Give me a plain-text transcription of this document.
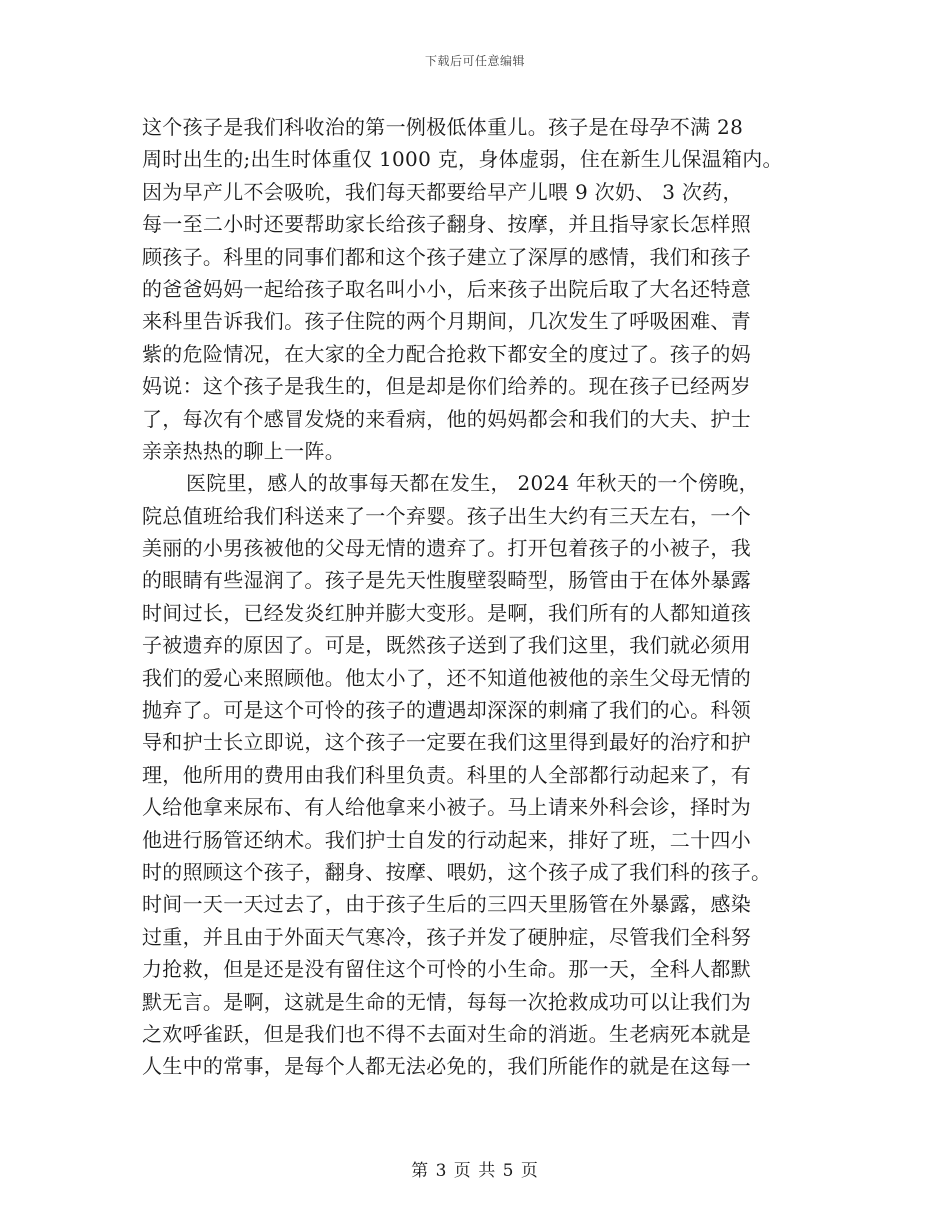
下载后可任意编辑
这个孩子是我们科收治的第一例极低体重儿。孩子是在母孕不满 28
周时出生的;出生时体重仅 1000 克，身体虚弱，住在新生儿保温箱内。
因为早产儿不会吸吮，我们每天都要给早产儿喂 9 次奶、 3 次药，
每一至二小时还要帮助家长给孩子翻身、按摩，并且指导家长怎样照
顾孩子。科里的同事们都和这个孩子建立了深厚的感情，我们和孩子
的爸爸妈妈一起给孩子取名叫小小，后来孩子出院后取了大名还特意
来科里告诉我们。孩子住院的两个月期间，几次发生了呼吸困难、青
紫的危险情况，在大家的全力配合抢救下都安全的度过了。孩子的妈
妈说：这个孩子是我生的，但是却是你们给养的。现在孩子已经两岁
了，每次有个感冒发烧的来看病，他的妈妈都会和我们的大夫、护士
亲亲热热的聊上一阵。
医院里，感人的故事每天都在发生， 2024 年秋天的一个傍晚，
院总值班给我们科送来了一个弃婴。孩子出生大约有三天左右，一个
美丽的小男孩被他的父母无情的遗弃了。打开包着孩子的小被子，我
的眼睛有些湿润了。孩子是先天性腹壁裂畸型，肠管由于在体外暴露
时间过长，已经发炎红肿并膨大变形。是啊，我们所有的人都知道孩
子被遗弃的原因了。可是，既然孩子送到了我们这里，我们就必须用
我们的爱心来照顾他。他太小了，还不知道他被他的亲生父母无情的
抛弃了。可是这个可怜的孩子的遭遇却深深的刺痛了我们的心。科领
导和护士长立即说，这个孩子一定要在我们这里得到最好的治疗和护
理，他所用的费用由我们科里负责。科里的人全部都行动起来了，有
人给他拿来尿布、有人给他拿来小被子。马上请来外科会诊，择时为
他进行肠管还纳术。我们护士自发的行动起来，排好了班，二十四小
时的照顾这个孩子，翻身、按摩、喂奶，这个孩子成了我们科的孩子。
时间一天一天过去了，由于孩子生后的三四天里肠管在外暴露，感染
过重，并且由于外面天气寒冷，孩子并发了硬肿症，尽管我们全科努
力抢救，但是还是没有留住这个可怜的小生命。那一天，全科人都默
默无言。是啊，这就是生命的无情，每每一次抢救成功可以让我们为
之欢呼雀跃，但是我们也不得不去面对生命的消逝。生老病死本就是
人生中的常事，是每个人都无法必免的，我们所能作的就是在这每一
第 3 页 共 5 页
